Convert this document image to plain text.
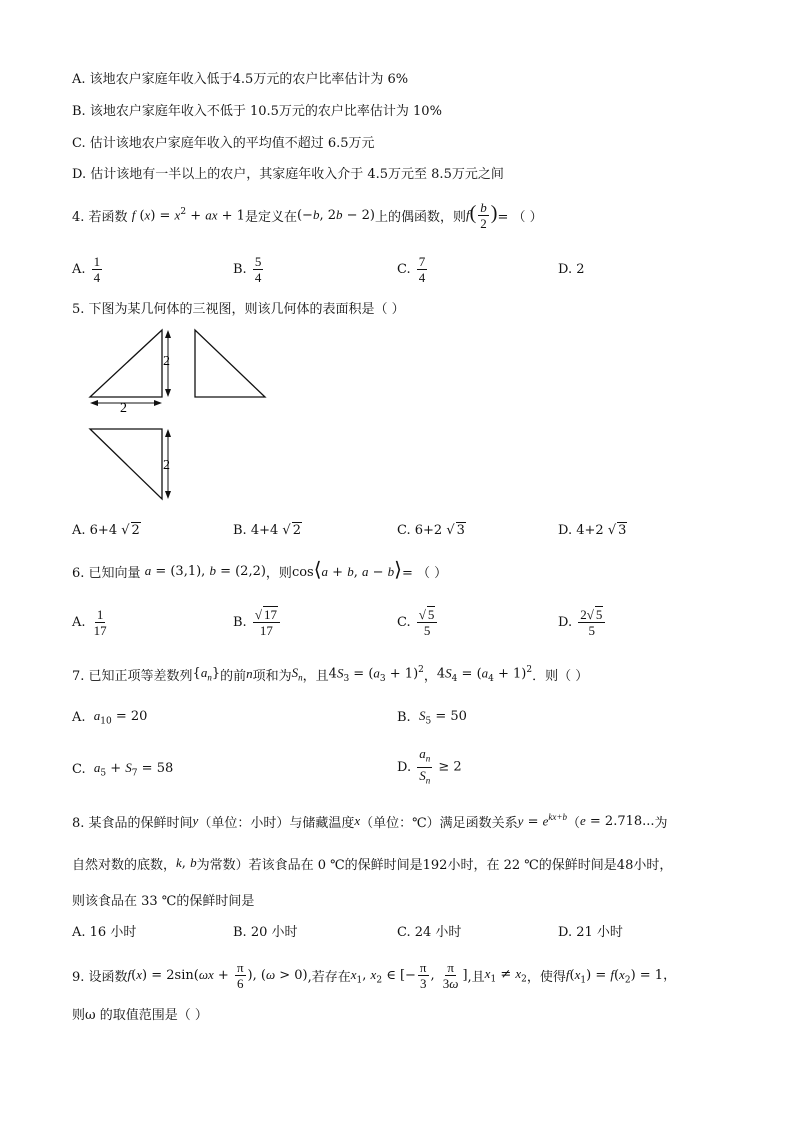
A. 该地农户家庭年收入低于4.5万元的农户比率估计为 6%
B. 该地农户家庭年收入不低于 10.5万元的农户比率估计为 10%
C. 估计该地农户家庭年收入的平均值不超过 6.5万元
D. 估计该地有一半以上的农户，其家庭年收入介于 4.5万元至 8.5万元之间
4. 若函数 f $(x) = x^2$ + ax + 1 是定义在 (−b, 2b − 2) 上的偶函数，则 $f( \frac{b}{2}$ ) = （ ）
A.
$\frac{1}{4}$	B.
$\frac{5}{4}$	C.
$\frac{7}{4}$	D. 2
5. 下图为某几何体的三视图，则该几何体的表面积是（ ）
2
2
2
A. 6+4
√ 2	B. 4+4
√ 2	C. 6+2
√ 3	D. 4+2
√ 3
6. 已知向量
a = (3,1), b = (2,2) ，则 cos⟨a + b, a − b⟩ = （ ）
A.
$\frac{1}{17}$	B.
$\frac{√ 17}{17}$	C.
$\frac{√ 5}{5}$	D.
$\frac{2√ 5}{5}$
7. 已知正项等差数列 $\{a_n\}$ 的前 n 项和为 $S_n$ ，且 $4S_3 = (a_3 + 1)^2$ ， $4S_4 = (a_4 + 1)^2$ ．则（ ）
A.
$a_{10} = 20$	B.
$S_5 = 50$
C.
$a_5 + S_7 = 58$	D.
$\frac{a_n}{S_n} \ge 2$
8. 某食品的保鲜时间 y （单位：小时）与储藏温度 x （单位：℃）满足函数关系 $y = e^{kx+b}$ （ e = 2.718... 为
自然对数的底数， k, b 为常数）若该食品在 0 ℃的保鲜时间是192小时，在 22 ℃的保鲜时间是48小时，
则该食品在 33 ℃的保鲜时间是
A. 16 小时	B. 20 小时	C. 24 小时	D. 21 小时
9. 设函数 $f(x) = 2\sin(\omega x + \frac{\pi}{6}$ ), (ω > 0) ,若存在 $x_1$, $x_2$ ∈ [− $\frac{\pi}{3}$ , $\frac{\pi}{3\omega}$ ] ,且 $x_1 \ne x_2$ ，使得 $f(x_1) = f(x_2) = 1$，
则ω 的取值范围是（ ）
